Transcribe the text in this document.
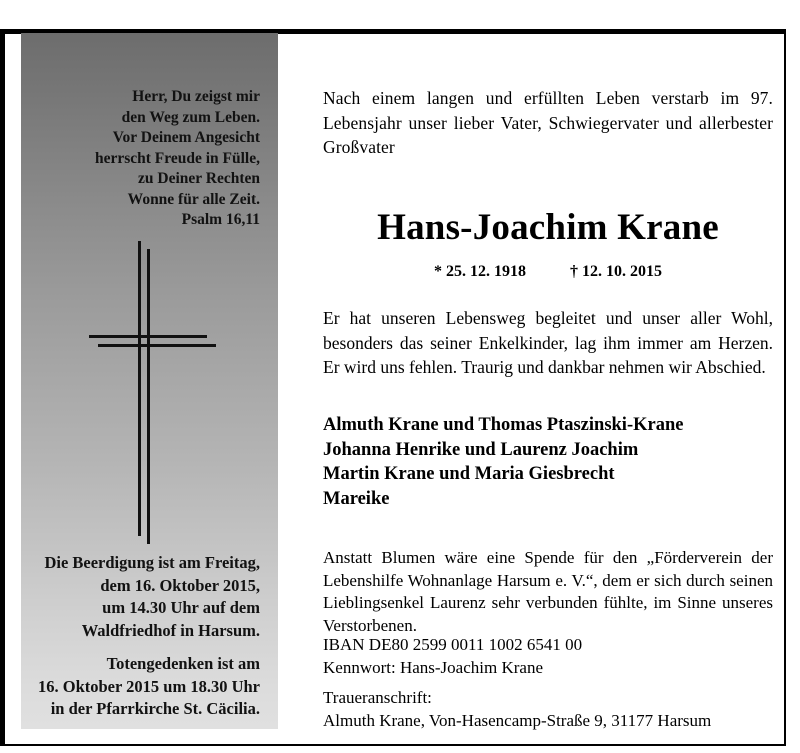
Herr, Du zeigst mir
den Weg zum Leben.
Vor Deinem Angesicht
herrscht Freude in Fülle,
zu Deiner Rechten
Wonne für alle Zeit.
Psalm 16,11
Die Beerdigung ist am Freitag,
dem 16. Oktober 2015,
um 14.30 Uhr auf dem
Waldfriedhof in Harsum.
Totengedenken ist am
16. Oktober 2015 um 18.30 Uhr
in der Pfarrkirche St. Cäcilia.
Nach einem langen und erfüllten Leben verstarb im 97. Lebensjahr unser lieber Vater, Schwiegervater und allerbester Großvater
Hans-Joachim Krane
* 25. 12. 1918	† 12. 10. 2015
Er hat unseren Lebensweg begleitet und unser aller Wohl, besonders das seiner Enkelkinder, lag ihm immer am Herzen. Er wird uns fehlen. Traurig und dankbar nehmen wir Abschied.
Almuth Krane und Thomas Ptaszinski-Krane
Johanna Henrike und Laurenz Joachim
Martin Krane und Maria Giesbrecht
Mareike
Anstatt Blumen wäre eine Spende für den „Förderverein der Lebenshilfe Wohnanlage Harsum e. V.“, dem er sich durch seinen Lieblingsenkel Laurenz sehr verbunden fühlte, im Sinne unseres Verstorbenen.
IBAN DE80 2599 0011 1002 6541 00
Kennwort: Hans-Joachim Krane
Traueranschrift:
Almuth Krane, Von-Hasencamp-Straße 9, 31177 Harsum
